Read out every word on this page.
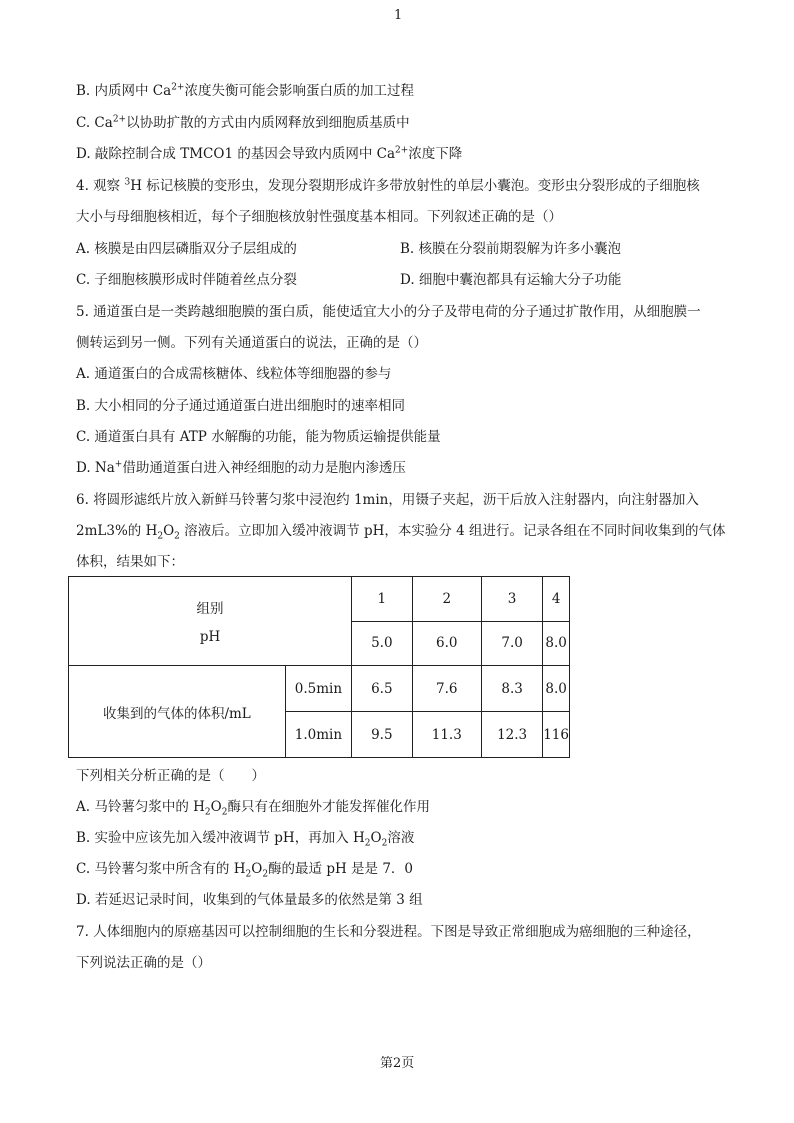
1
B. 内质网中 $Ca^{2+}$浓度失衡可能会影响蛋白质的加工过程
C. $Ca^{2+}$以协助扩散的方式由内质网释放到细胞质基质中
D. 敲除控制合成 TMCO1 的基因会导致内质网中 $Ca^{2+}$浓度下降
4. 观察 $^3$H 标记核膜的变形虫，发现分裂期形成许多带放射性的单层小囊泡。变形虫分裂形成的子细胞核
大小与母细胞核相近，每个子细胞核放射性强度基本相同。下列叙述正确的是（）
A. 核膜是由四层磷脂双分子层组成的	B. 核膜在分裂前期裂解为许多小囊泡
C. 子细胞核膜形成时伴随着丝点分裂	D. 细胞中囊泡都具有运输大分子功能
5. 通道蛋白是一类跨越细胞膜的蛋白质，能使适宜大小的分子及带电荷的分子通过扩散作用，从细胞膜一
侧转运到另一侧。下列有关通道蛋白的说法，正确的是（）
A. 通道蛋白的合成需核糖体、线粒体等细胞器的参与
B. 大小相同的分子通过通道蛋白进出细胞时的速率相同
C. 通道蛋白具有 ATP 水解酶的功能，能为物质运输提供能量
D. Na+借助通道蛋白进入神经细胞的动力是胞内渗透压
6. 将圆形滤纸片放入新鲜马铃薯匀浆中浸泡约 1min，用镊子夹起，沥干后放入注射器内，向注射器加入
2mL3%的 $H_2O_2$ 溶液后。立即加入缓冲液调节 pH，本实验分 4 组进行。记录各组在不同时间收集到的气体
体积，结果如下：
组别
pH		1	2	3	4
		5.0	6.0	7.0	8.0
收集到的气体的体积/mL	0.5min	6.5	7.6	8.3	8.0
	1.0min	9.5	11.3	12.3	116
下列相关分析正确的是（　　）
A. 马铃薯匀浆中的 $H_2O_2$酶只有在细胞外才能发挥催化作用
B. 实验中应该先加入缓冲液调节 pH，再加入 $H_2O_2$溶液
C. 马铃薯匀浆中所含有的 $H_2O_2$酶的最适 pH 是是 7．0
D. 若延迟记录时间，收集到的气体量最多的依然是第 3 组
7. 人体细胞内的原癌基因可以控制细胞的生长和分裂进程。下图是导致正常细胞成为癌细胞的三种途径，
下列说法正确的是（）
第2页
